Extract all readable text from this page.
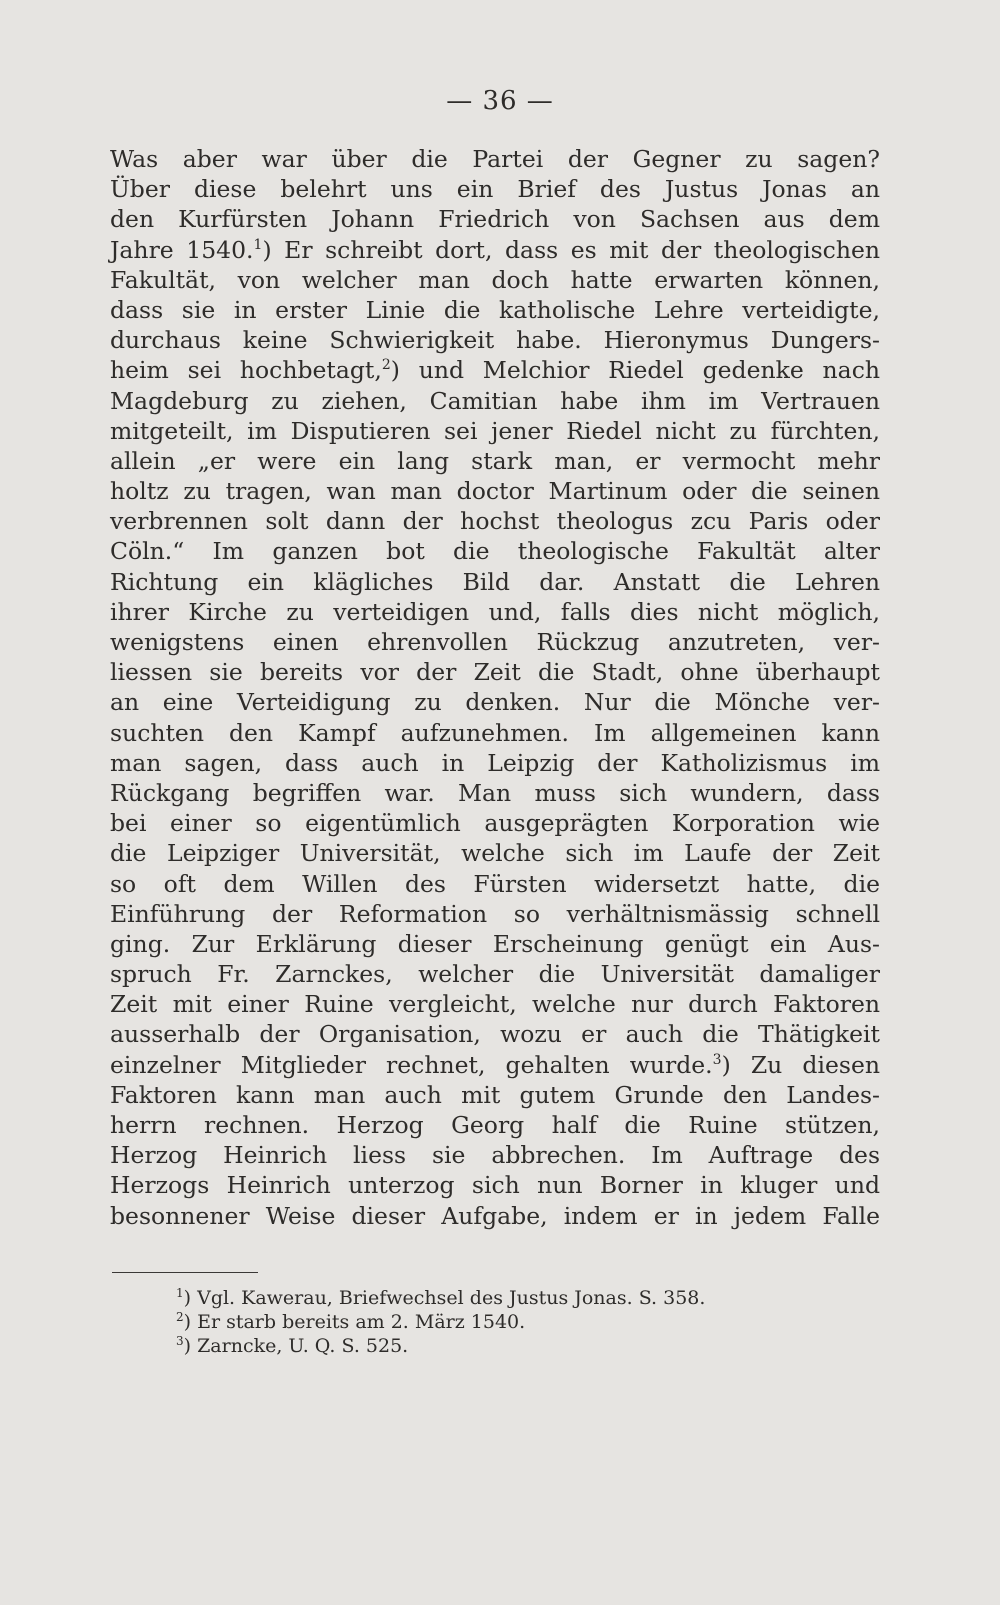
— 36 —
Was aber war über die Partei der Gegner zu sagen?
Über diese belehrt uns ein Brief des Justus Jonas an
den Kurfürsten Johann Friedrich von Sachsen aus dem
Jahre 1540.$^1$) Er schreibt dort, dass es mit der theologischen
Fakultät, von welcher man doch hatte erwarten können,
dass sie in erster Linie die katholische Lehre verteidigte,
durchaus keine Schwierigkeit habe. Hieronymus Dungers-
heim sei hochbetagt,$^2$) und Melchior Riedel gedenke nach
Magdeburg zu ziehen, Camitian habe ihm im Vertrauen
mitgeteilt, im Disputieren sei jener Riedel nicht zu fürchten,
allein „er were ein lang stark man, er vermocht mehr
holtz zu tragen, wan man doctor Martinum oder die seinen
verbrennen solt dann der hochst theologus zcu Paris oder
Cöln.“ Im ganzen bot die theologische Fakultät alter
Richtung ein klägliches Bild dar. Anstatt die Lehren
ihrer Kirche zu verteidigen und, falls dies nicht möglich,
wenigstens einen ehrenvollen Rückzug anzutreten, ver-
liessen sie bereits vor der Zeit die Stadt, ohne überhaupt
an eine Verteidigung zu denken. Nur die Mönche ver-
suchten den Kampf aufzunehmen. Im allgemeinen kann
man sagen, dass auch in Leipzig der Katholizismus im
Rückgang begriffen war. Man muss sich wundern, dass
bei einer so eigentümlich ausgeprägten Korporation wie
die Leipziger Universität, welche sich im Laufe der Zeit
so oft dem Willen des Fürsten widersetzt hatte, die
Einführung der Reformation so verhältnismässig schnell
ging. Zur Erklärung dieser Erscheinung genügt ein Aus-
spruch Fr. Zarnckes, welcher die Universität damaliger
Zeit mit einer Ruine vergleicht, welche nur durch Faktoren
ausserhalb der Organisation, wozu er auch die Thätigkeit
einzelner Mitglieder rechnet, gehalten wurde.$^3$) Zu diesen
Faktoren kann man auch mit gutem Grunde den Landes-
herrn rechnen. Herzog Georg half die Ruine stützen,
Herzog Heinrich liess sie abbrechen. Im Auftrage des
Herzogs Heinrich unterzog sich nun Borner in kluger und
besonnener Weise dieser Aufgabe, indem er in jedem Falle
$^1$) Vgl. Kawerau, Briefwechsel des Justus Jonas. S. 358.
$^2$) Er starb bereits am 2. März 1540.
$^3$) Zarncke, U. Q. S. 525.
